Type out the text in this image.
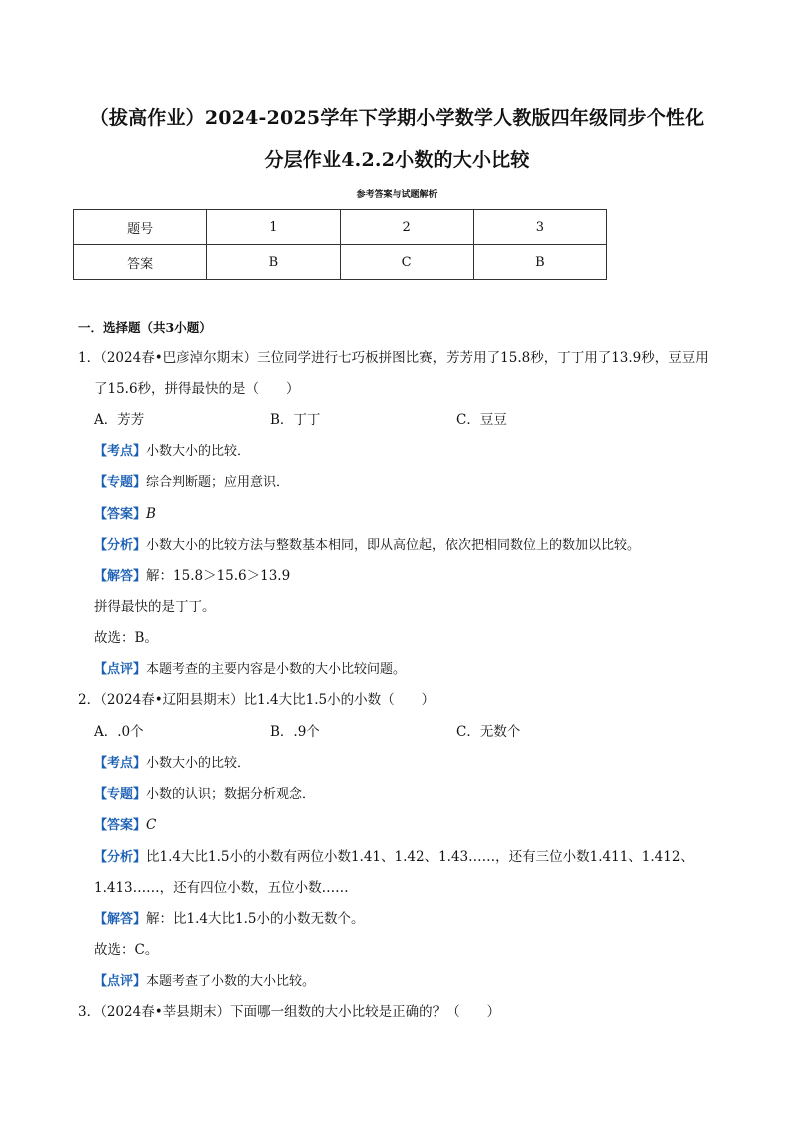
（拔高作业）2024-2025学年下学期小学数学人教版四年级同步个性化
分层作业4.2.2小数的大小比较
参考答案与试题解析
题号	1	2	3
答案	B	C	B
一．选择题（共3小题）
1．（2024春•巴彦淖尔期末）三位同学进行七巧板拼图比赛，芳芳用了15.8秒，丁丁用了13.9秒，豆豆用
了15.6秒，拼得最快的是（　　）
A．芳芳	B．丁丁	C．豆豆
【考点】小数大小的比较．
【专题】综合判断题；应用意识．
【答案】B
【分析】小数大小的比较方法与整数基本相同，即从高位起，依次把相同数位上的数加以比较。
【解答】解：15.8＞15.6＞13.9
拼得最快的是丁丁。
故选：B。
【点评】本题考查的主要内容是小数的大小比较问题。
2．（2024春•辽阳县期末）比1.4大比1.5小的小数（　　）
A．.0个	B．.9个	C．无数个
【考点】小数大小的比较．
【专题】小数的认识；数据分析观念．
【答案】C
【分析】比1.4大比1.5小的小数有两位小数1.41、1.42、1.43……，还有三位小数1.411、1.412、
1.413……，还有四位小数，五位小数……
【解答】解：比1.4大比1.5小的小数无数个。
故选：C。
【点评】本题考查了小数的大小比较。
3．（2024春•莘县期末）下面哪一组数的大小比较是正确的？（　　）
